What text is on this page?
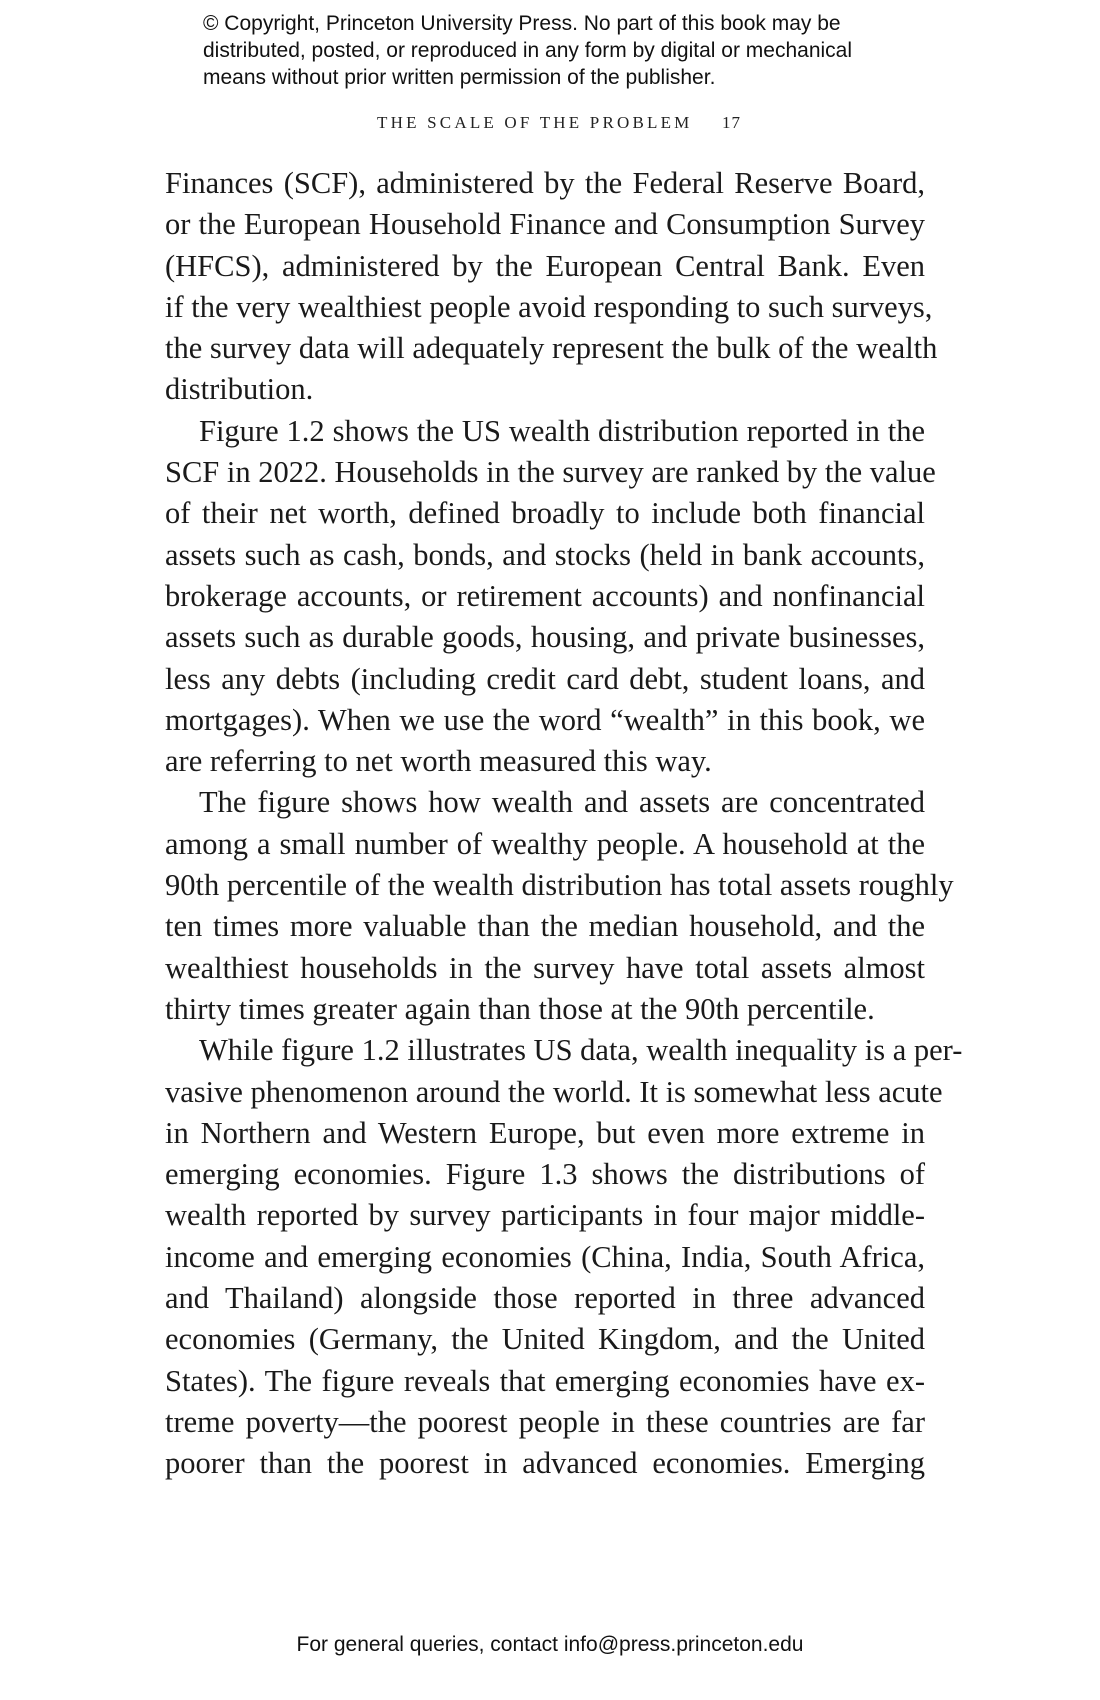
© Copyright, Princeton University Press. No part of this book may be
distributed, posted, or reproduced in any form by digital or mechanical
means without prior written permission of the publisher.
THE SCALE OF THE PROBLEM 17
Finances (SCF), administered by the Federal Reserve Board,
or the European Household Finance and Consumption Survey
(HFCS), administered by the European Central Bank. Even
if the very wealthiest people avoid responding to such surveys,
the survey data will adequately represent the bulk of the wealth
distribution.
Figure 1.2 shows the US wealth distribution reported in the
SCF in 2022. Households in the survey are ranked by the value
of their net worth, defined broadly to include both financial
assets such as cash, bonds, and stocks (held in bank accounts,
brokerage accounts, or retirement accounts) and nonfinancial
assets such as durable goods, housing, and private businesses,
less any debts (including credit card debt, student loans, and
mortgages). When we use the word “wealth” in this book, we
are referring to net worth measured this way.
The figure shows how wealth and assets are concentrated
among a small number of wealthy people. A household at the
90th percentile of the wealth distribution has total assets roughly
ten times more valuable than the median household, and the
wealthiest households in the survey have total assets almost
thirty times greater again than those at the 90th percentile.
While figure 1.2 illustrates US data, wealth inequality is a per-
vasive phenomenon around the world. It is somewhat less acute
in Northern and Western Europe, but even more extreme in
emerging economies. Figure 1.3 shows the distributions of
wealth reported by survey participants in four major middle-
income and emerging economies (China, India, South Africa,
and Thailand) alongside those reported in three advanced
economies (Germany, the United Kingdom, and the United
States). The figure reveals that emerging economies have ex-
treme poverty—the poorest people in these countries are far
poorer than the poorest in advanced economies. Emerging
For general queries, contact info@press.princeton.edu
